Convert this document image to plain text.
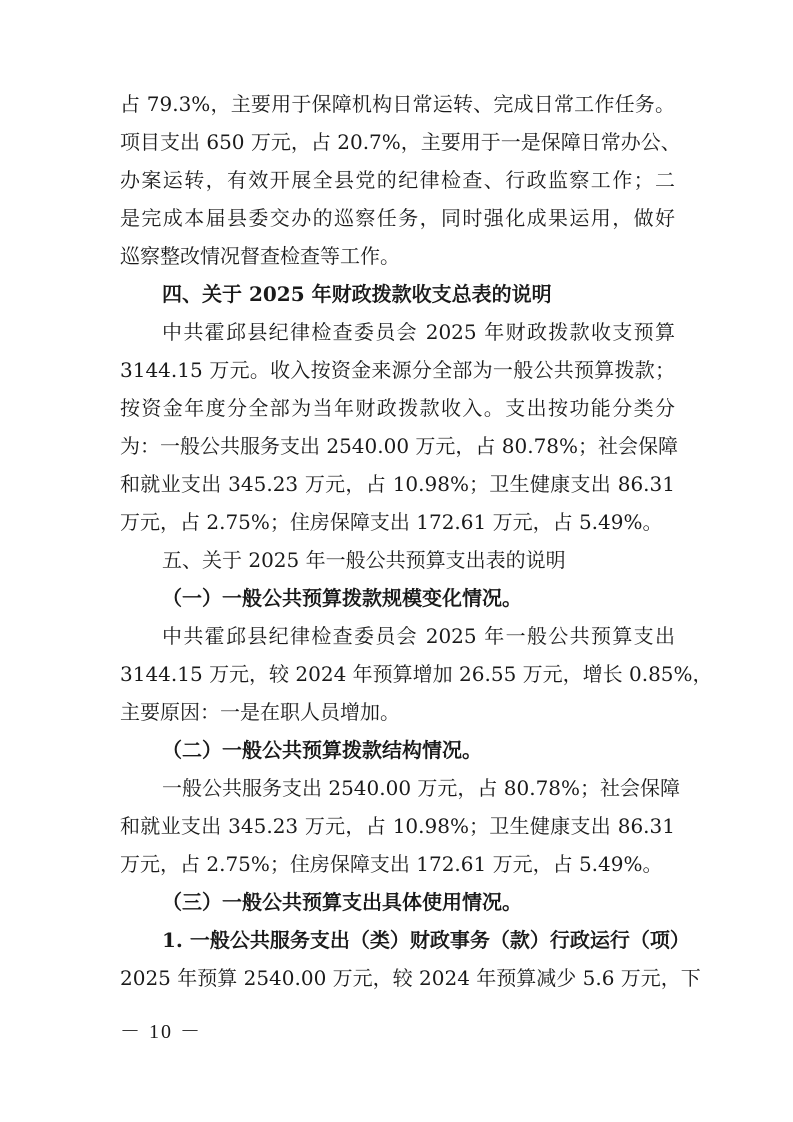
占 79.3%，主要用于保障机构日常运转、完成日常工作任务。
项目支出 650 万元，占 20.7%，主要用于一是保障日常办公、
办案运转，有效开展全县党的纪律检查、行政监察工作；二
是完成本届县委交办的巡察任务，同时强化成果运用，做好
巡察整改情况督查检查等工作。
四、关于 2025 年财政拨款收支总表的说明
中共霍邱县纪律检查委员会 2025 年财政拨款收支预算
3144.15 万元。收入按资金来源分全部为一般公共预算拨款；
按资金年度分全部为当年财政拨款收入。支出按功能分类分
为：一般公共服务支出 2540.00 万元，占 80.78%；社会保障
和就业支出 345.23 万元，占 10.98%；卫生健康支出 86.31
万元，占 2.75%；住房保障支出 172.61 万元，占 5.49%。
五、关于 2025 年一般公共预算支出表的说明
（一）一般公共预算拨款规模变化情况。
中共霍邱县纪律检查委员会 2025 年一般公共预算支出
3144.15 万元，较 2024 年预算增加 26.55 万元，增长 0.85%，
主要原因：一是在职人员增加。
（二）一般公共预算拨款结构情况。
一般公共服务支出 2540.00 万元，占 80.78%；社会保障
和就业支出 345.23 万元，占 10.98%；卫生健康支出 86.31
万元，占 2.75%；住房保障支出 172.61 万元，占 5.49%。
（三）一般公共预算支出具体使用情况。
1. 一般公共服务支出（类）财政事务（款）行政运行（项）
2025 年预算 2540.00 万元，较 2024 年预算减少 5.6 万元，下
－ 10 －
